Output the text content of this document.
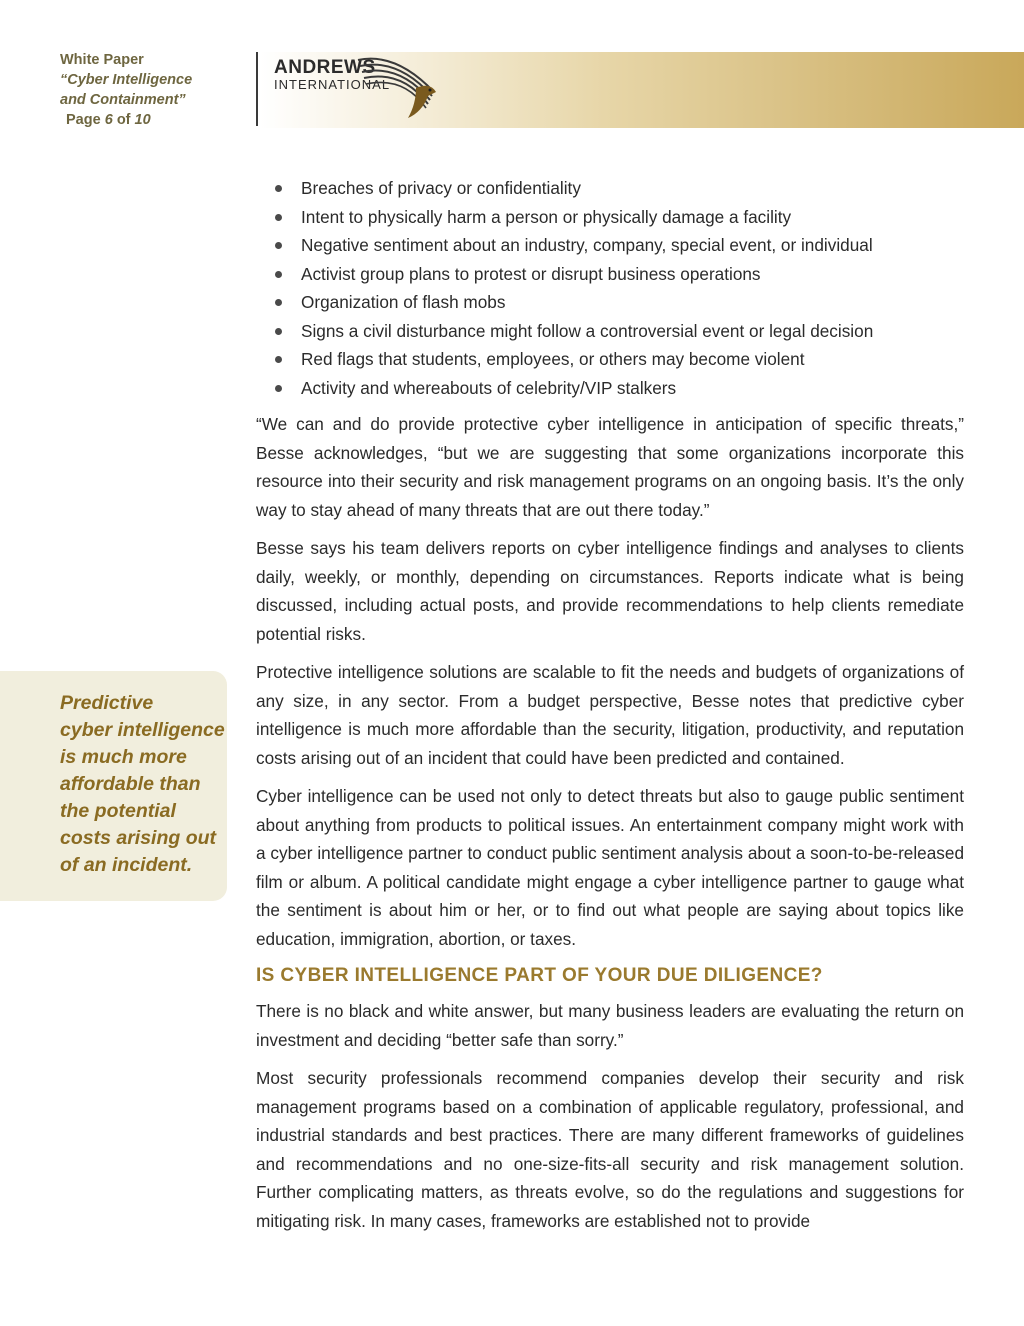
White Paper
“Cyber Intelligence
and Containment”
Page 6 of 10
ANDREWS
INTERNATIONAL
Breaches of privacy or confidentiality
Intent to physically harm a person or physically damage a facility
Negative sentiment about an industry, company, special event, or individual
Activist group plans to protest or disrupt business operations
Organization of flash mobs
Signs a civil disturbance might follow a controversial event or legal decision
Red flags that students, employees, or others may become violent
Activity and whereabouts of celebrity/VIP stalkers

“We can and do provide protective cyber intelligence in anticipation of specific threats,” Besse acknowledges, “but we are suggesting that some organizations incorporate this resource into their security and risk management programs on an ongoing basis. It’s the only way to stay ahead of many threats that are out there today.”

Besse says his team delivers reports on cyber intelligence findings and analyses to clients daily, weekly, or monthly, depending on circumstances. Reports indicate what is being discussed, including actual posts, and provide recommendations to help clients remediate potential risks.

Protective intelligence solutions are scalable to fit the needs and budgets of organizations of any size, in any sector. From a budget perspective, Besse notes that predictive cyber intelligence is much more affordable than the security, litigation, productivity, and reputation costs arising out of an incident that could have been predicted and contained.

Cyber intelligence can be used not only to detect threats but also to gauge public sentiment about anything from products to political issues. An entertainment company might work with a cyber intelligence partner to conduct public sentiment analysis about a soon-to-be-released film or album. A political candidate might engage a cyber intelligence partner to gauge what the sentiment is about him or her, or to find out what people are saying about topics like education, immigration, abortion, or taxes.

IS CYBER INTELLIGENCE PART OF YOUR DUE DILIGENCE?

There is no black and white answer, but many business leaders are evaluating the return on investment and deciding “better safe than sorry.”

Most security professionals recommend companies develop their security and risk management programs based on a combination of applicable regulatory, professional, and industrial standards and best practices. There are many different frameworks of guidelines and recommendations and no one-size-fits-all security and risk management solution. Further complicating matters, as threats evolve, so do the regulations and suggestions for mitigating risk. In many cases, frameworks are established not to provide

Predictive
cyber intelligence
is much more
affordable than
the potential
costs arising out
of an incident.
